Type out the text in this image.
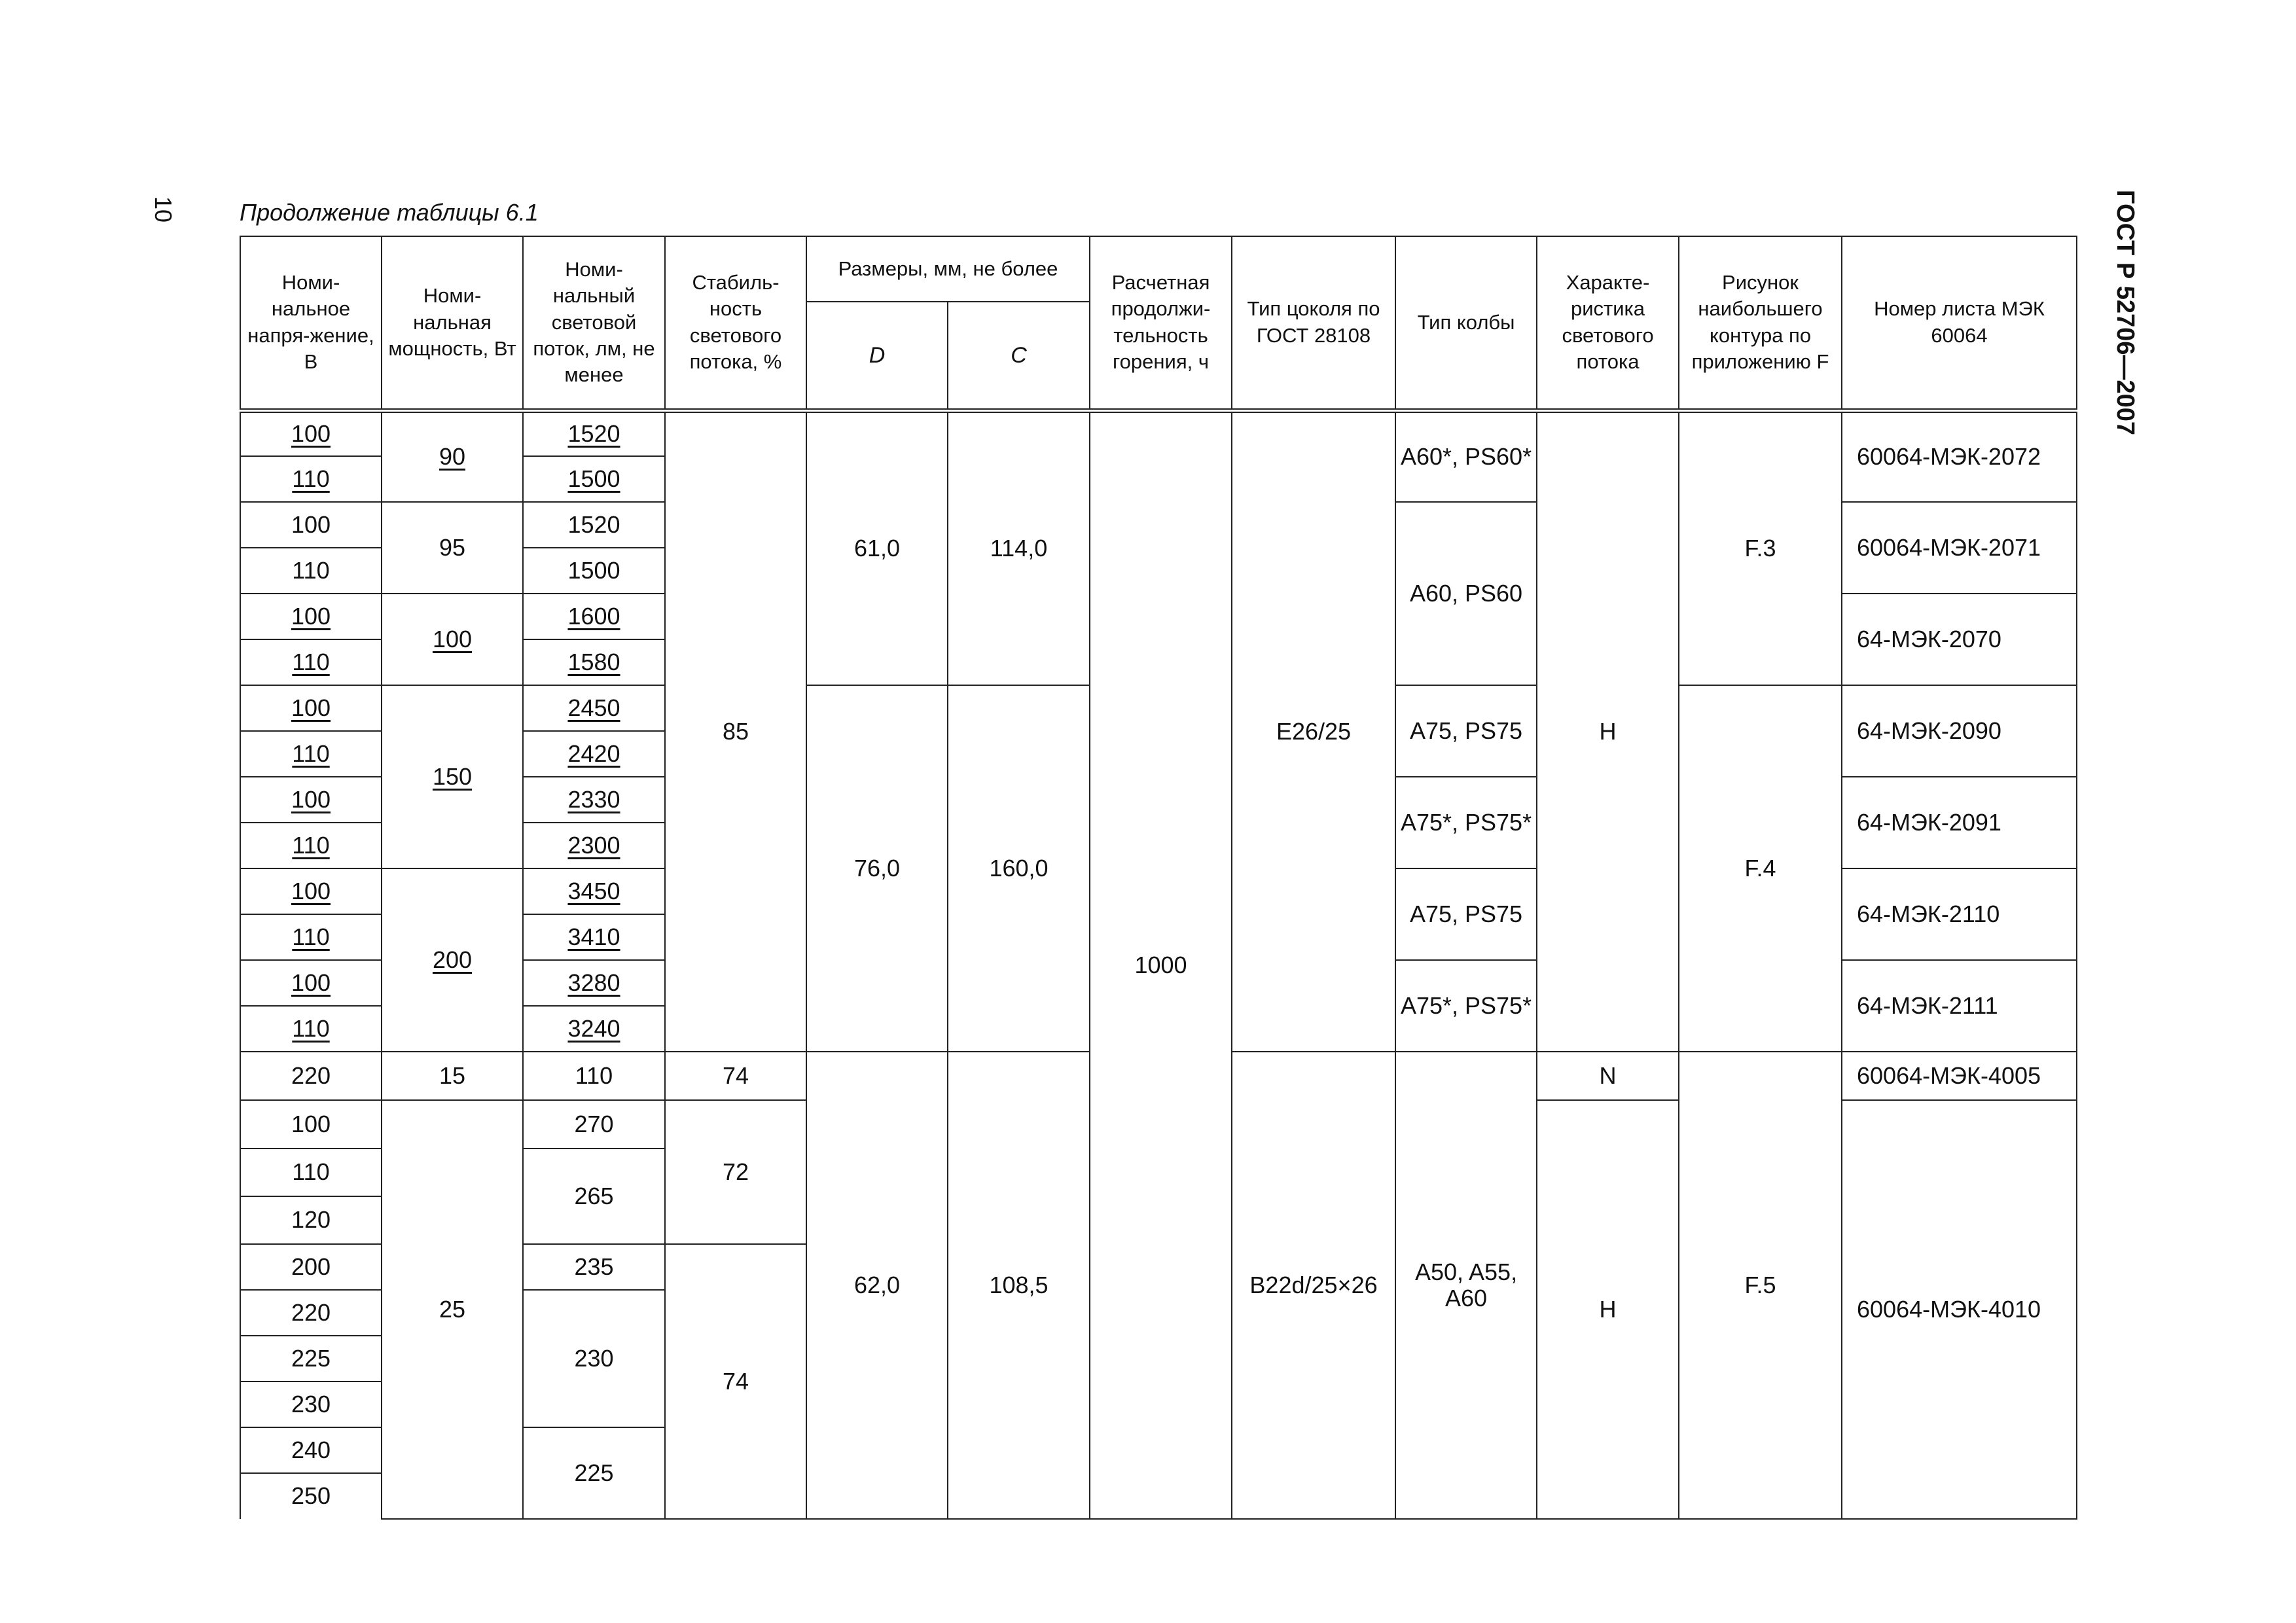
10	ГОСТ Р 52706—2007
Продолжение таблицы 6.1
Номи-нальное напря-жение, В	Номи-нальная мощность, Вт	Номи-нальный световой поток, лм, не менее	Стабиль-ность светового потока, %	Размеры, мм, не более		Расчетная продолжи-тельность горения, ч	Тип цоколя по ГОСТ 28108	Тип колбы	Характе-ристика светового потока	Рисунок наибольшего контура по приложению F	Номер листа МЭК 60064
				D	C						
100	90	1520	85	61,0	114,0	1000	E26/25	A60*, PS60*	H	F.3	60064-МЭК-2072
110		1500									
100	95	1520						A60, PS60			60064-МЭК-2071
110		1500									
100	100	1600									64-МЭК-2070
110		1580									
100	150	2450		76,0	160,0			A75, PS75		F.4	64-МЭК-2090
110		2420									
100		2330						A75*, PS75*			64-МЭК-2091
110		2300									
100	200	3450						A75, PS75			64-МЭК-2110
110		3410									
100		3280						A75*, PS75*			64-МЭК-2111
110		3240									
220	15	110	74	62,0	108,5		B22d/25×26	A50, A55, A60	N	F.5	60064-МЭК-4005
100	25	270	72						H		60064-МЭК-4010
110		265									
120											
200		235	74								
220		230									
225											
230											
240		225									
250											
